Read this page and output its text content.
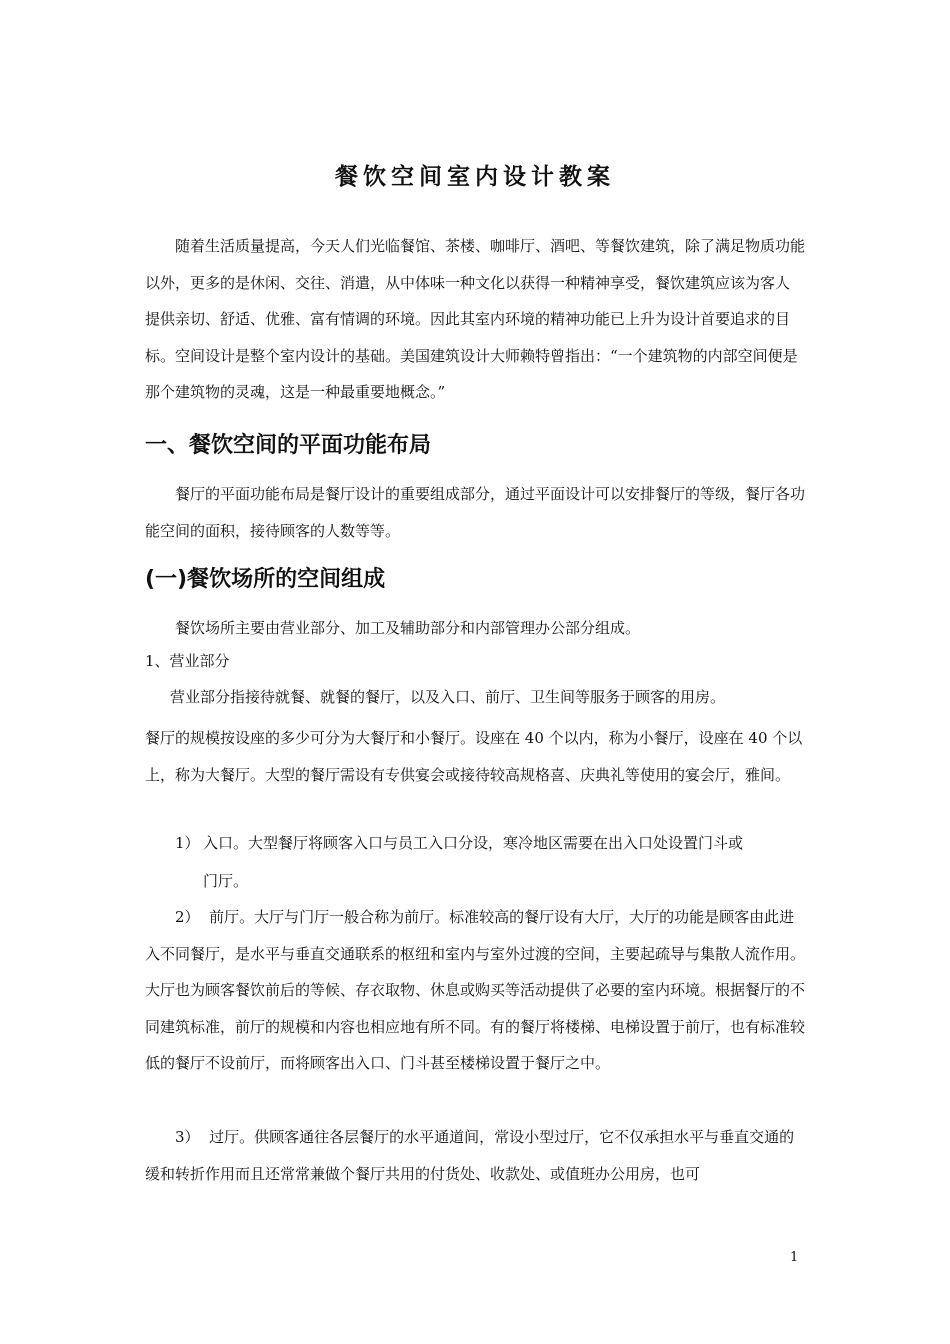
餐饮空间室内设计教案

随着生活质量提高，今天人们光临餐馆、茶楼、咖啡厅、酒吧、等餐饮建筑，除了满足物质功能以外，更多的是休闲、交往、消遣，从中体味一种文化以获得一种精神享受，餐饮建筑应该为客人 提供亲切、舒适、优雅、富有情调的环境。因此其室内环境的精神功能已上升为设计首要追求的目标。空间设计是整个室内设计的基础。美国建筑设计大师赖特曾指出：“一个建筑物的内部空间便是那个建筑物的灵魂，这是一种最重要地概念。”

一、餐饮空间的平面功能布局

餐厅的平面功能布局是餐厅设计的重要组成部分，通过平面设计可以安排餐厅的等级，餐厅各功能空间的面积，接待顾客的人数等等。

(一)餐饮场所的空间组成

餐饮场所主要由营业部分、加工及辅助部分和内部管理办公部分组成。

1、营业部分

营业部分指接待就餐、就餐的餐厅，以及入口、前厅、卫生间等服务于顾客的用房。

餐厅的规模按设座的多少可分为大餐厅和小餐厅。设座在 40 个以内，称为小餐厅，设座在 40 个以上，称为大餐厅。大型的餐厅需设有专供宴会或接待较高规格喜、庆典礼等使用的宴会厅，雅间。

1） 入口。大型餐厅将顾客入口与员工入口分设，寒冷地区需要在出入口处设置门斗或
门厅。

2） 前厅。大厅与门厅一般合称为前厅。标准较高的餐厅设有大厅，大厅的功能是顾客由此进入不同餐厅，是水平与垂直交通联系的枢纽和室内与室外过渡的空间，主要起疏导与集散人流作用。大厅也为顾客餐饮前后的等候、存衣取物、休息或购买等活动提供了必要的室内环境。根据餐厅的不同建筑标准，前厅的规模和内容也相应地有所不同。有的餐厅将楼梯、电梯设置于前厅，也有标准较低的餐厅不设前厅，而将顾客出入口、门斗甚至楼梯设置于餐厅之中。

3） 过厅。供顾客通往各层餐厅的水平通道间，常设小型过厅，它不仅承担水平与垂直交通的缓和转折作用而且还常常兼做个餐厅共用的付货处、收款处、或值班办公用房，也可

1
